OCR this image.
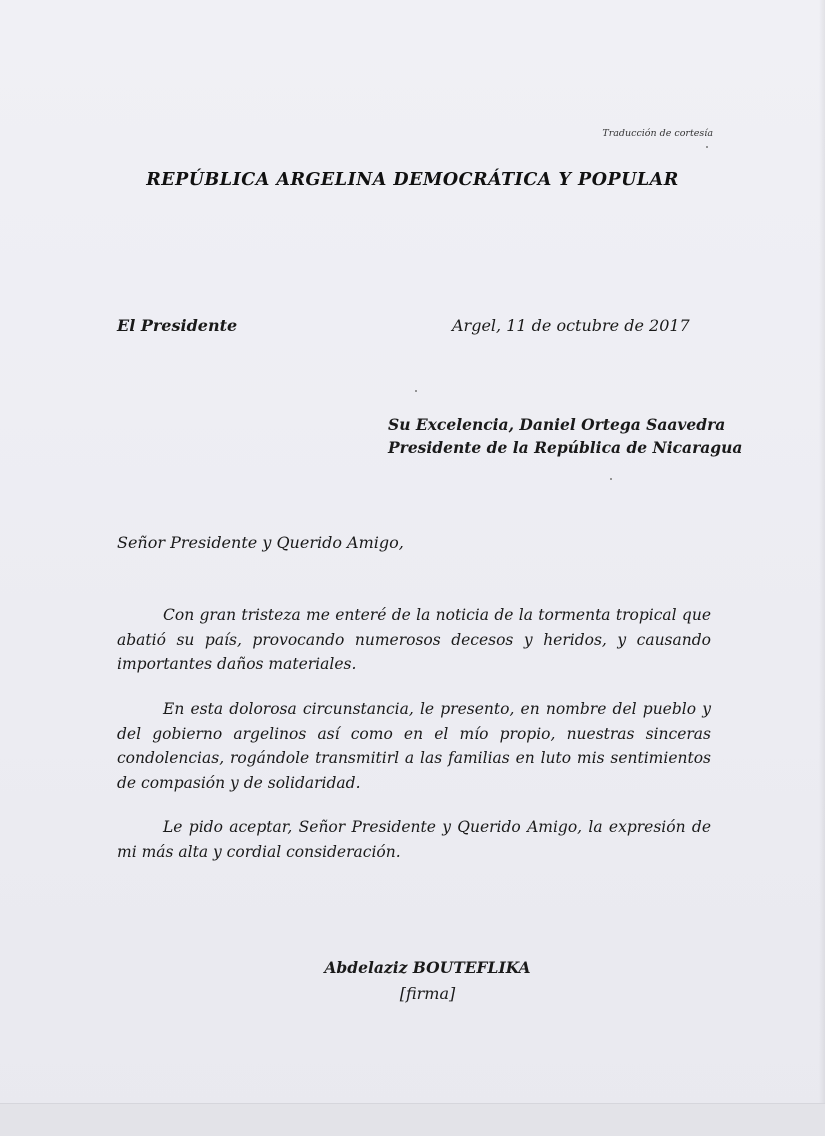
Traducción de cortesía
REPÚBLICA ARGELINA DEMOCRÁTICA Y POPULAR
El Presidente	Argel, 11 de octubre de 2017
Su Excelencia, Daniel Ortega Saavedra
Presidente de la República de Nicaragua
Señor Presidente y Querido Amigo,
Con gran tristeza me enteré de la noticia de la tormenta tropical que abatió su país, provocando numerosos decesos y heridos, y causando importantes daños materiales.
En esta dolorosa circunstancia, le presento, en nombre del pueblo y del gobierno argelinos así como en el mío propio, nuestras sinceras condolencias, rogándole transmitirl a las familias en luto mis sentimientos de compasión y de solidaridad.
Le pido aceptar, Señor Presidente y Querido Amigo, la expresión de mi más alta y cordial consideración.
Abdelaziz BOUTEFLIKA
[firma]
